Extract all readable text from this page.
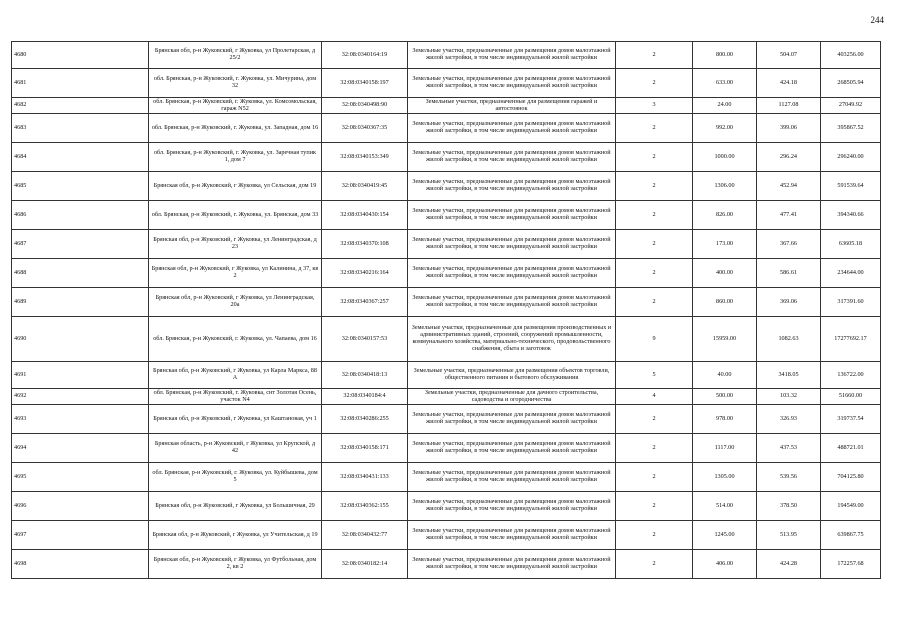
244
4680	Брянская обл, р-н Жуковский, г Жуковка, ул Пролетарская, д 25/2	32:08:0340164:19	Земельные участки, предназначенные для размещения домов малоэтажной жилой застройки, в том числе индивидуальной жилой застройки	2	800.00	504.07	403256.00
4681	обл. Брянская, р-н Жуковский, г. Жуковка, ул. Мичурина, дом 32	32:08:0340158:197	Земельные участки, предназначенные для размещения домов малоэтажной жилой застройки, в том числе индивидуальной жилой застройки	2	633.00	424.18	268505.94
4682	обл. Брянская, р-н Жуковский, г. Жуковка, ул. Комсомольская, гараж N52	32:08:0340498:90	Земельные участки, предназначенные для размещения гаражей и автостоянок	3	24.00	1127.08	27049.92
4683	обл. Брянская, р-н Жуковский, г. Жуковка, ул. Западная, дом 16	32:08:0340367:35	Земельные участки, предназначенные для размещения домов малоэтажной жилой застройки, в том числе индивидуальной жилой застройки	2	992.00	399.06	395867.52
4684	обл. Брянская, р-н Жуковский, г. Жуковка, ул. Заречная тупик 1, дом 7	32:08:0340153:349	Земельные участки, предназначенные для размещения домов малоэтажной жилой застройки, в том числе индивидуальной жилой застройки	2	1000.00	296.24	296240.00
4685	Брянская обл, р-н Жуковский, г Жуковка, ул Сельская, дом 19	32:08:0340419:45	Земельные участки, предназначенные для размещения домов малоэтажной жилой застройки, в том числе индивидуальной жилой застройки	2	1306.00	452.94	591539.64
4686	обл. Брянская, р-н Жуковский, г. Жуковка, ул. Брянская, дом 33	32:08:0340430:154	Земельные участки, предназначенные для размещения домов малоэтажной жилой застройки, в том числе индивидуальной жилой застройки	2	826.00	477.41	394340.66
4687	Брянская обл, р-н Жуковский, г Жуковка, ул Ленинградская, д 23	32:08:0340370:108	Земельные участки, предназначенные для размещения домов малоэтажной жилой застройки, в том числе индивидуальной жилой застройки	2	173.00	367.66	63605.18
4688	Брянская обл, р-н Жуковский, г Жуковка, ул Калинина, д 37, кв 2	32:08:0340216:164	Земельные участки, предназначенные для размещения домов малоэтажной жилой застройки, в том числе индивидуальной жилой застройки	2	400.00	586.61	234644.00
4689	Брянская обл, р-н Жуковский, г Жуковка, ул Ленинградская, 20а	32:08:0340367:257	Земельные участки, предназначенные для размещения домов малоэтажной жилой застройки, в том числе индивидуальной жилой застройки	2	860.00	369.06	317391.60
4690	обл. Брянская, р-н Жуковский, г. Жуковка, ул. Чапаева, дом 16	32:08:0340157:53	Земельные участки, предназначенные для размещения производственных и административных зданий, строений, сооружений промышленности, коммунального хозяйства, материально-технического, продовольственного снабжения, сбыта и заготовок	9	15959.00	1082.63	17277692.17
4691	Брянская обл, р-н Жуковский, г Жуковка, ул Карла Маркса, 88 А	32:08:0340418:13	Земельные участки, предназначенные для размещения объектов торговли, общественного питания и бытового обслуживания	5	40.00	3418.05	136722.00
4692	обл. Брянская, р-н Жуковский, г. Жуковка, снт Золотая Осень, участок N4	32:08:0340184:4	Земельные участки, предназначенные для дачного строительства, садоводства и огородничества	4	500.00	103.32	51660.00
4693	Брянская обл, р-н Жуковский, г Жуковка, ул Каштановая, уч 1	32:08:0340286:255	Земельные участки, предназначенные для размещения домов малоэтажной жилой застройки, в том числе индивидуальной жилой застройки	2	978.00	326.93	319737.54
4694	Брянская область, р-н Жуковский, г Жуковка, ул Крупской, д 42	32:08:0340158:171	Земельные участки, предназначенные для размещения домов малоэтажной жилой застройки, в том числе индивидуальной жилой застройки	2	1117.00	437.53	488721.01
4695	обл. Брянская, р-н Жуковский, г. Жуковка, ул. Куйбышева, дом 5	32:08:0340431:133	Земельные участки, предназначенные для размещения домов малоэтажной жилой застройки, в том числе индивидуальной жилой застройки	2	1305.00	539.56	704125.80
4696	Брянская обл, р-н Жуковский, г Жуковка, ул Большичная, 29	32:08:0340362:155	Земельные участки, предназначенные для размещения домов малоэтажной жилой застройки, в том числе индивидуальной жилой застройки	2	514.00	378.50	194549.00
4697	Брянская обл, р-н Жуковский, г Жуковка, ул Учительская, д 19	32:08:0340432:77	Земельные участки, предназначенные для размещения домов малоэтажной жилой застройки, в том числе индивидуальной жилой застройки	2	1245.00	513.95	639867.75
4698	Брянская обл, р-н Жуковский, г Жуковка, ул Футбольная, дом 2, кв 2	32:08:0340182:14	Земельные участки, предназначенные для размещения домов малоэтажной жилой застройки, в том числе индивидуальной жилой застройки	2	406.00	424.28	172257.68
